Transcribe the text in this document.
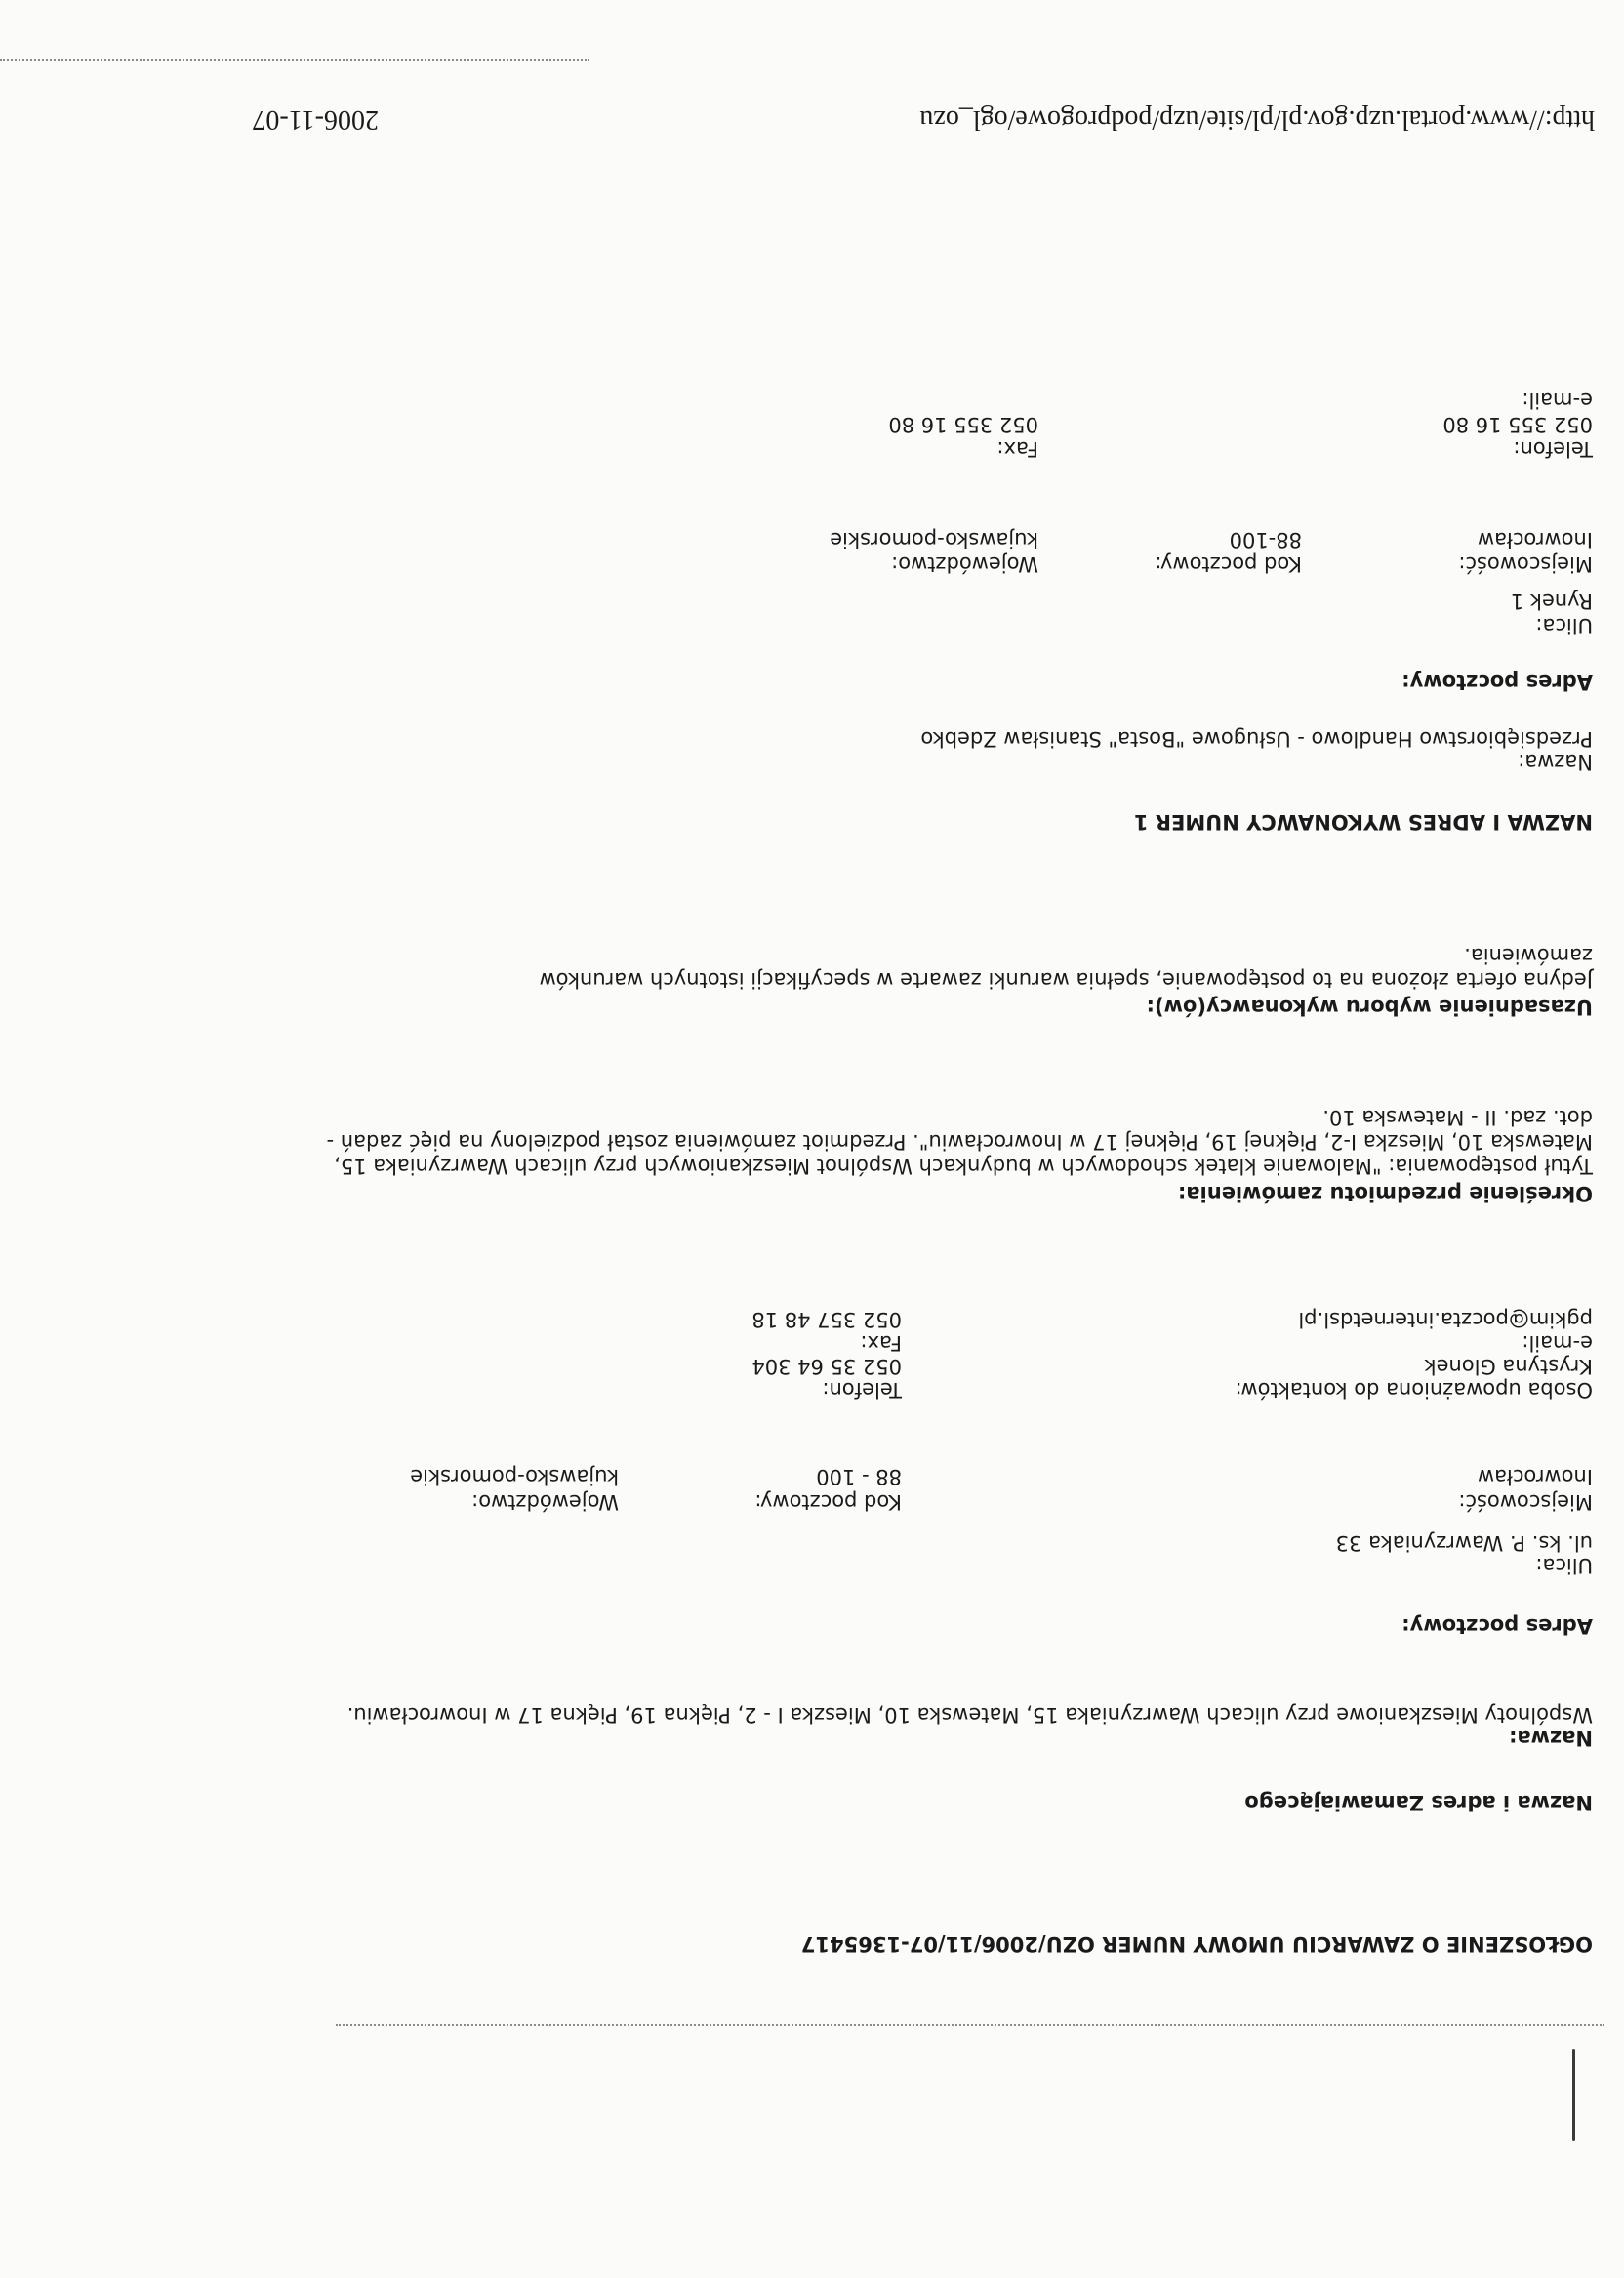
http://www.portal.uzp.gov.pl/pl/site/uzp/podprogowe/ogl_ozu
2006-11-07
OGŁOSZENIE O ZAWARCIU UMOWY NUMER OZU/2006/11/07-1365417
Nazwa i adres Zamawiającego
Nazwa:
Wspólnoty Mieszkaniowe przy ulicach Wawrzyniaka 15, Matewska 10, Mieszka I - 2, Piękna 19, Piękna 17 w Inowrocławiu.
Adres pocztowy:
Ulica:
ul. ks. P. Wawrzyniaka 33
Miejscowość:
Inowrocław
Kod pocztowy:
88 - 100
Województwo:
kujawsko-pomorskie
Osoba upoważniona do kontaktów:
Krystyna Glonek
e-mail:
pgkim@poczta.internetdsl.pl
Telefon:
052 35 64 304
Fax:
052 357 48 18
Określenie przedmiotu zamówienia:
Tytuł postępowania: "Malowanie klatek schodowych w budynkach Wspólnot Mieszkaniowych przy ulicach Wawrzyniaka 15, Matewska 10, Mieszka I-2, Pięknej 19, Pięknej 17 w Inowrocławiu". Przedmiot zamówienia został podzielony na pięć zadań - dot. zad. II - Matewska 10.
Uzasadnienie wyboru wykonawcy(ów):
Jedyna oferta złożona na to postępowanie, spełnia warunki zawarte w specyfikacji istotnych warunków zamówienia.
NAZWA I ADRES WYKONAWCY NUMER 1
Nazwa:
Przedsiębiorstwo Handlowo - Usługowe "Bosta" Stanisław Zdebko
Adres pocztowy:
Ulica:
Rynek 1
Miejscowość:
Inowrocław
Kod pocztowy:
88-100
Województwo:
kujawsko-pomorskie
Telefon:
052 355 16 80
e-mail:
Fax:
052 355 16 80
